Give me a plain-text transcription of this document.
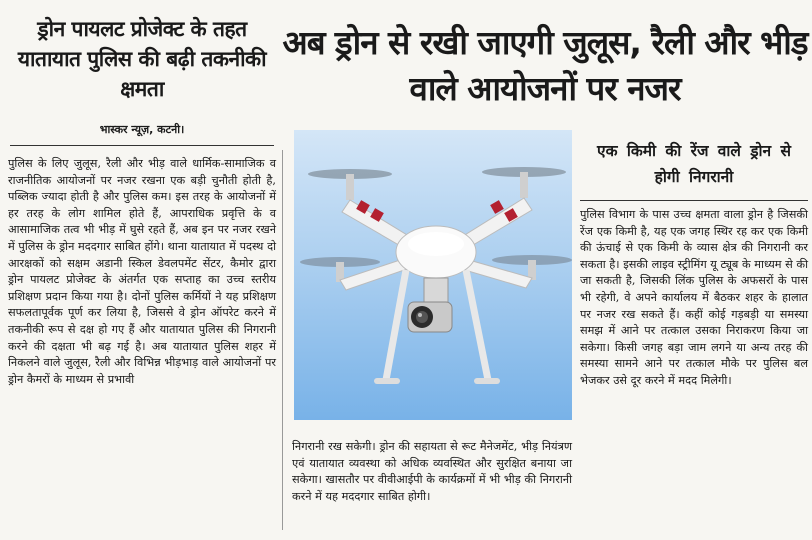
ड्रोन पायलट प्रोजेक्ट के तहत यातायात पुलिस की बढ़ी तकनीकी क्षमता
भास्कर न्यूज़, कटनी।

पुलिस के लिए जुलूस, रैली और भीड़ वाले धार्मिक-सामाजिक व राजनीतिक आयोजनों पर नजर रखना एक बड़ी चुनौती होती है, पब्लिक ज्यादा होती है और पुलिस कम। इस तरह के आयोजनों में हर तरह के लोग शामिल होते हैं, आपराधिक प्रवृत्ति के व आसामाजिक तत्व भी भीड़ में घुसे रहते हैं, अब इन पर नजर रखने में पुलिस के ड्रोन मददगार साबित होंगे। थाना यातायात में पदस्थ दो आरक्षकों को सक्षम अडानी स्किल डेवलपमेंट सेंटर, कैमोर द्वारा ड्रोन पायलट प्रोजेक्ट के अंतर्गत एक सप्ताह का उच्च स्तरीय प्रशिक्षण प्रदान किया गया है। दोनों पुलिस कर्मियों ने यह प्रशिक्षण सफलतापूर्वक पूर्ण कर लिया है, जिससे वे ड्रोन ऑपरेट करने में तकनीकी रूप से दक्ष हो गए हैं और यातायात पुलिस की निगरानी करने की दक्षता भी बढ़ गई है। अब यातायात पुलिस शहर में निकलने वाले जुलूस, रैली और विभिन्न भीड़भाड़ वाले आयोजनों पर ड्रोन कैमरों के माध्यम से प्रभावी

अब ड्रोन से रखी जाएगी जुलूस, रैली और भीड़ वाले आयोजनों पर नजर

निगरानी रख सकेगी। ड्रोन की सहायता से रूट मैनेजमेंट, भीड़ नियंत्रण एवं यातायात व्यवस्था को अधिक व्यवस्थित और सुरक्षित बनाया जा सकेगा। खासतौर पर वीवीआईपी के कार्यक्रमों में भी भीड़ की निगरानी करने में यह मददगार साबित होगी।

एक किमी की रेंज वाले ड्रोन से होगी निगरानी

पुलिस विभाग के पास उच्च क्षमता वाला ड्रोन है जिसकी रेंज एक किमी है, यह एक जगह स्थिर रह कर एक किमी की ऊंचाई से एक किमी के व्यास क्षेत्र की निगरानी कर सकता है। इसकी लाइव स्ट्रीमिंग यू ट्यूब के माध्यम से की जा सकती है, जिसकी लिंक पुलिस के अफसरों के पास भी रहेगी, वे अपने कार्यालय में बैठकर शहर के हालात पर नजर रख सकते हैं। कहीं कोई गड़बड़ी या समस्या समझ में आने पर तत्काल उसका निराकरण किया जा सकेगा। किसी जगह बड़ा जाम लगने या अन्य तरह की समस्या सामने आने पर तत्काल मौके पर पुलिस बल भेजकर उसे दूर करने में मदद मिलेगी।
